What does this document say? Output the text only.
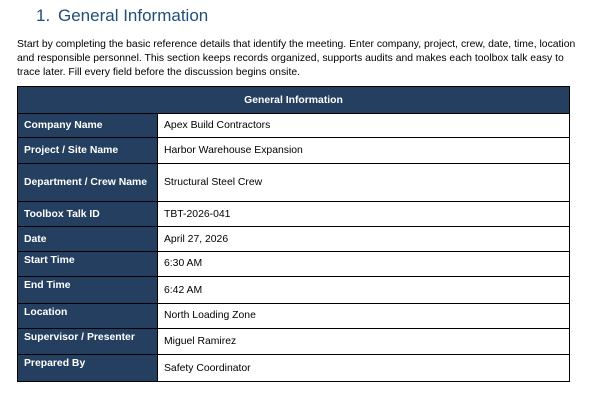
1. General Information

Start by completing the basic reference details that identify the meeting. Enter company, project, crew, date, time, location and responsible personnel. This section keeps records organized, supports audits and makes each toolbox talk easy to trace later. Fill every field before the discussion begins onsite.

General Information	
Company Name	Apex Build Contractors
Project / Site Name	Harbor Warehouse Expansion
Department / Crew Name	Structural Steel Crew
Toolbox Talk ID	TBT-2026-041
Date	April 27, 2026
Start Time	6:30 AM
End Time	6:42 AM
Location	North Loading Zone
Supervisor / Presenter	Miguel Ramirez
Prepared By	Safety Coordinator
